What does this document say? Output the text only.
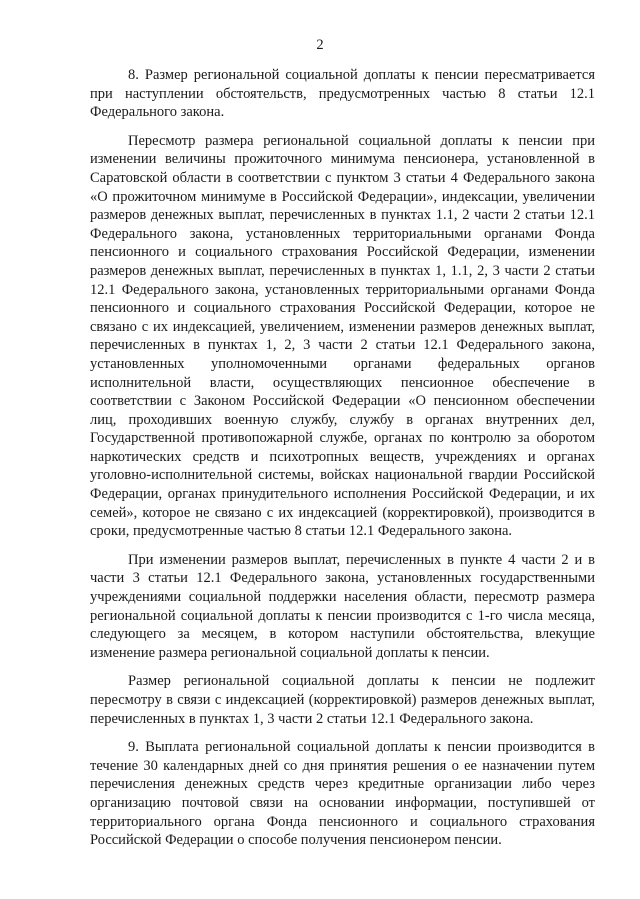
2

8. Размер региональной социальной доплаты к пенсии пересматривается при наступлении обстоятельств, предусмотренных частью 8 статьи 12.1 Федерального закона.

Пересмотр размера региональной социальной доплаты к пенсии при изменении величины прожиточного минимума пенсионера, установленной в Саратовской области в соответствии с пунктом 3 статьи 4 Федерального закона «О прожиточном минимуме в Российской Федерации», индексации, увеличении размеров денежных выплат, перечисленных в пунктах 1.1, 2 части 2 статьи 12.1 Федерального закона, установленных территориальными органами Фонда пенсионного и социального страхования Российской Федерации, изменении размеров денежных выплат, перечисленных в пунктах 1, 1.1, 2, 3 части 2 статьи 12.1 Федерального закона, установленных территориальными органами Фонда пенсионного и социального страхования Российской Федерации, которое не связано с их индексацией, увеличением, изменении размеров денежных выплат, перечисленных в пунктах 1, 2, 3 части 2 статьи 12.1 Федерального закона, установленных уполномоченными органами федеральных органов исполнительной власти, осуществляющих пенсионное обеспечение в соответствии с Законом Российской Федерации «О пенсионном обеспечении лиц, проходивших военную службу, службу в органах внутренних дел, Государственной противопожарной службе, органах по контролю за оборотом наркотических средств и психотропных веществ, учреждениях и органах уголовно-исполнительной системы, войсках национальной гвардии Российской Федерации, органах принудительного исполнения Российской Федерации, и их семей», которое не связано с их индексацией (корректировкой), производится в сроки, предусмотренные частью 8 статьи 12.1 Федерального закона.

При изменении размеров выплат, перечисленных в пункте 4 части 2 и в части 3 статьи 12.1 Федерального закона, установленных государственными учреждениями социальной поддержки населения области, пересмотр размера региональной социальной доплаты к пенсии производится с 1-го числа месяца, следующего за месяцем, в котором наступили обстоятельства, влекущие изменение размера региональной социальной доплаты к пенсии.

Размер региональной социальной доплаты к пенсии не подлежит пересмотру в связи с индексацией (корректировкой) размеров денежных выплат, перечисленных в пунктах 1, 3 части 2 статьи 12.1 Федерального закона.

9. Выплата региональной социальной доплаты к пенсии производится в течение 30 календарных дней со дня принятия решения о ее назначении путем перечисления денежных средств через кредитные организации либо через организацию почтовой связи на основании информации, поступившей от территориального органа Фонда пенсионного и социального страхования Российской Федерации о способе получения пенсионером пенсии.
